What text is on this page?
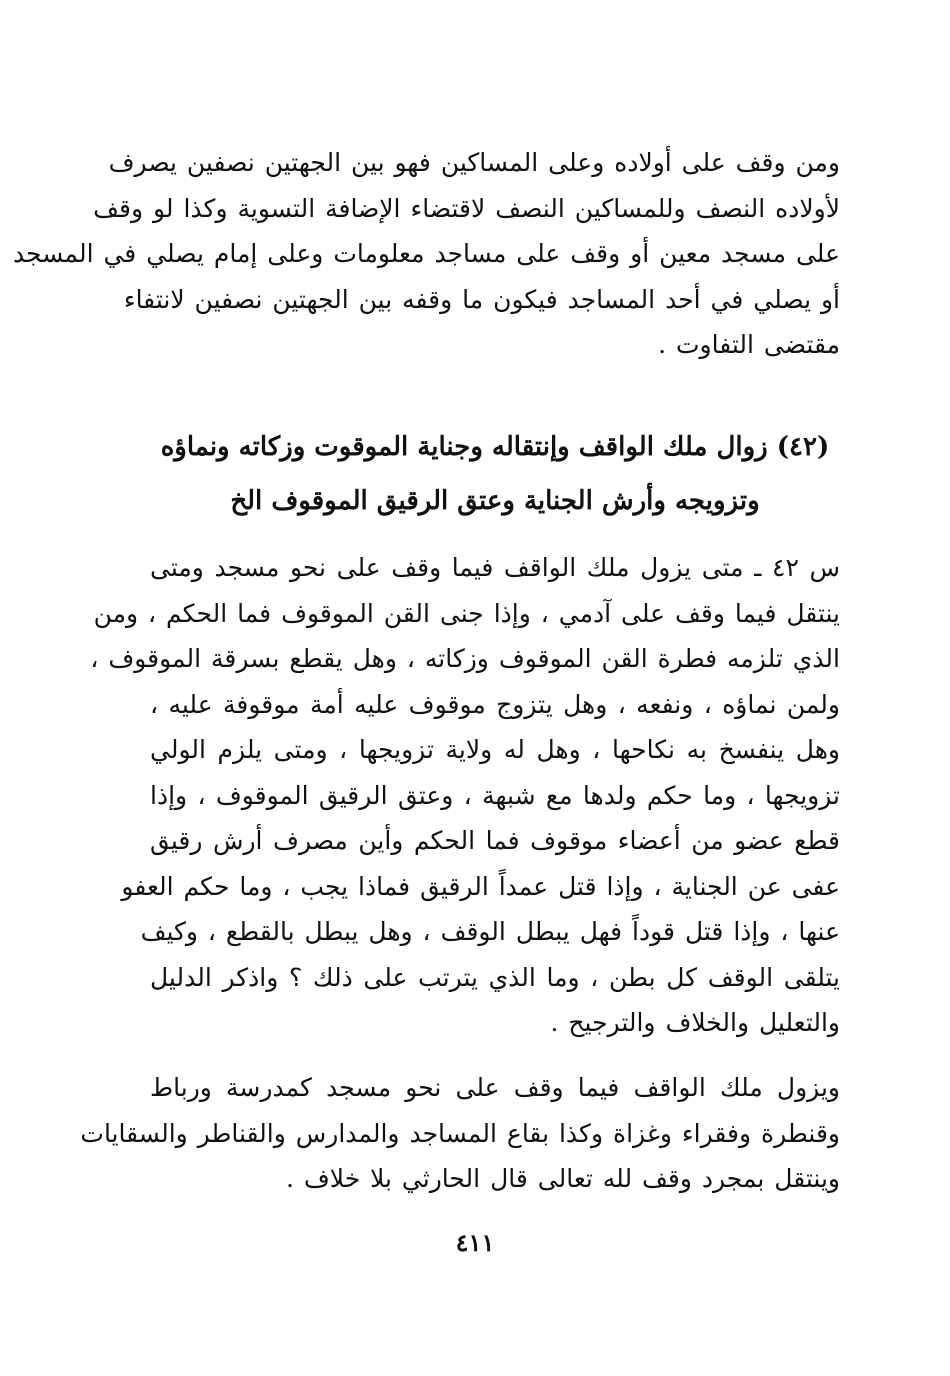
ومن وقف على أولاده وعلى المساكين فهو بين الجهتين نصفين يصرف
لأولاده النصف وللمساكين النصف لاقتضاء الإضافة التسوية وكذا لو وقف
على مسجد معين أو وقف على مساجد معلومات وعلى إمام يصلي في المسجد
أو يصلي في أحد المساجد فيكون ما وقفه بين الجهتين نصفين لانتفاء
مقتضى التفاوت .
(٤٢) زوال ملك الواقف وإنتقاله وجناية الموقوت وزكاته ونماؤه
وتزويجه وأرش الجناية وعتق الرقيق الموقوف الخ
س ٤٢ ـ متى يزول ملك الواقف فيما وقف على نحو مسجد ومتى
ينتقل فيما وقف على آدمي ، وإذا جنى القن الموقوف فما الحكم ، ومن
الذي تلزمه فطرة القن الموقوف وزكاته ، وهل يقطع بسرقة الموقوف ،
ولمن نماؤه ، ونفعه ، وهل يتزوج موقوف عليه أمة موقوفة عليه ،
وهل ينفسخ به نكاحها ، وهل له ولاية تزويجها ، ومتى يلزم الولي
تزويجها ، وما حكم ولدها مع شبهة ، وعتق الرقيق الموقوف ، وإذا
قطع عضو من أعضاء موقوف فما الحكم وأين مصرف أرش رقيق
عفى عن الجناية ، وإذا قتل عمداً الرقيق فماذا يجب ، وما حكم العفو
عنها ، وإذا قتل قوداً فهل يبطل الوقف ، وهل يبطل بالقطع ، وكيف
يتلقى الوقف كل بطن ، وما الذي يترتب على ذلك ؟ واذكر الدليل
والتعليل والخلاف والترجيح .
ويزول ملك الواقف فيما وقف على نحو مسجد كمدرسة ورباط
وقنطرة وفقراء وغزاة وكذا بقاع المساجد والمدارس والقناطر والسقايات
وينتقل بمجرد وقف لله تعالى قال الحارثي بلا خلاف .
٤١١
